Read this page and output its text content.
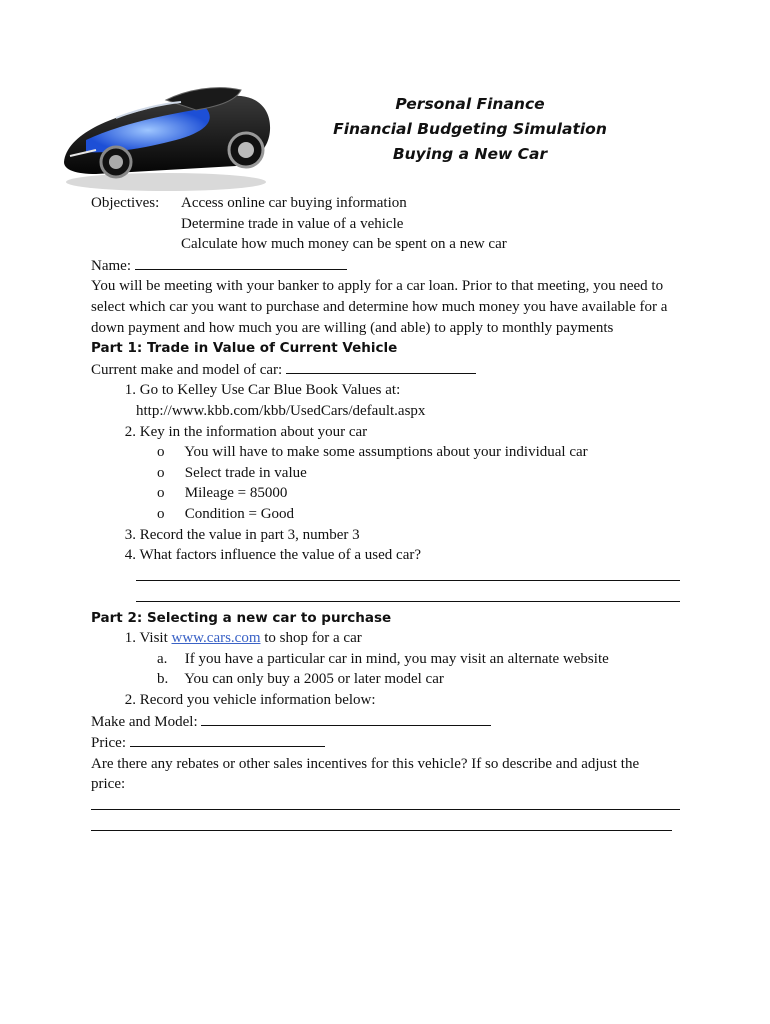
Personal Finance
Financial Budgeting Simulation
Buying a New Car
Objectives:	Access online car buying information
Determine trade in value of a vehicle
Calculate how much money can be spent on a new car
Name:
You will be meeting with your banker to apply for a car loan. Prior to that meeting, you need to
select which car you want to purchase and determine how much money you have available for a
down payment and how much you are willing (and able) to apply to monthly payments
Part 1: Trade in Value of Current Vehicle
Current make and model of car:
1. Go to Kelley Use Car Blue Book Values at:
http://www.kbb.com/kbb/UsedCars/default.aspx
2. Key in the information about your car
o You will have to make some assumptions about your individual car
o Select trade in value
o Mileage = 85000
o Condition = Good
3. Record the value in part 3, number 3
4. What factors influence the value of a used car?
Part 2: Selecting a new car to purchase
1. Visit www.cars.com to shop for a car
a. If you have a particular car in mind, you may visit an alternate website
b. You can only buy a 2005 or later model car
2. Record you vehicle information below:
Make and Model:
Price:
Are there any rebates or other sales incentives for this vehicle? If so describe and adjust the
price:
